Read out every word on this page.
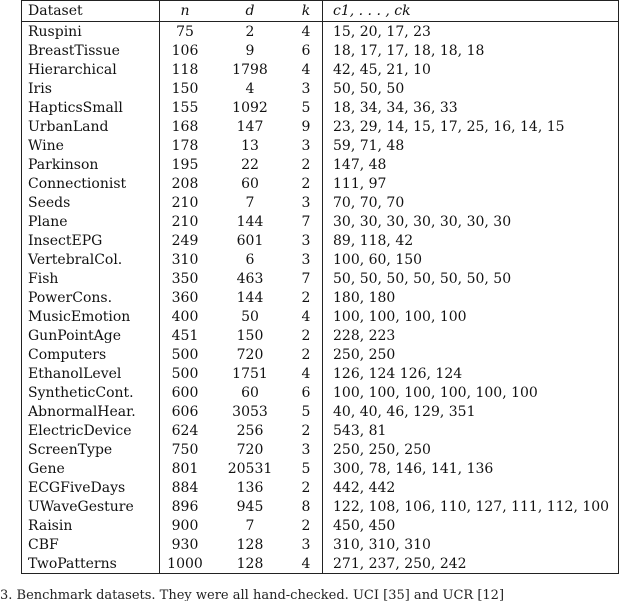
Dataset	n	d	k	c1, . . . , ck
Ruspini	75	2	4	15, 20, 17, 23
BreastTissue	106	9	6	18, 17, 17, 18, 18, 18
Hierarchical	118	1798	4	42, 45, 21, 10
Iris	150	4	3	50, 50, 50
HapticsSmall	155	1092	5	18, 34, 34, 36, 33
UrbanLand	168	147	9	23, 29, 14, 15, 17, 25, 16, 14, 15
Wine	178	13	3	59, 71, 48
Parkinson	195	22	2	147, 48
Connectionist	208	60	2	111, 97
Seeds	210	7	3	70, 70, 70
Plane	210	144	7	30, 30, 30, 30, 30, 30, 30
InsectEPG	249	601	3	89, 118, 42
VertebralCol.	310	6	3	100, 60, 150
Fish	350	463	7	50, 50, 50, 50, 50, 50, 50
PowerCons.	360	144	2	180, 180
MusicEmotion	400	50	4	100, 100, 100, 100
GunPointAge	451	150	2	228, 223
Computers	500	720	2	250, 250
EthanolLevel	500	1751	4	126, 124 126, 124
SyntheticCont.	600	60	6	100, 100, 100, 100, 100, 100
AbnormalHear.	606	3053	5	40, 40, 46, 129, 351
ElectricDevice	624	256	2	543, 81
ScreenType	750	720	3	250, 250, 250
Gene	801	20531	5	300, 78, 146, 141, 136
ECGFiveDays	884	136	2	442, 442
UWaveGesture	896	945	8	122, 108, 106, 110, 127, 111, 112, 100
Raisin	900	7	2	450, 450
CBF	930	128	3	310, 310, 310
TwoPatterns	1000	128	4	271, 237, 250, 242
3. Benchmark datasets. They were all hand-checked. UCI [35] and UCR [12]
